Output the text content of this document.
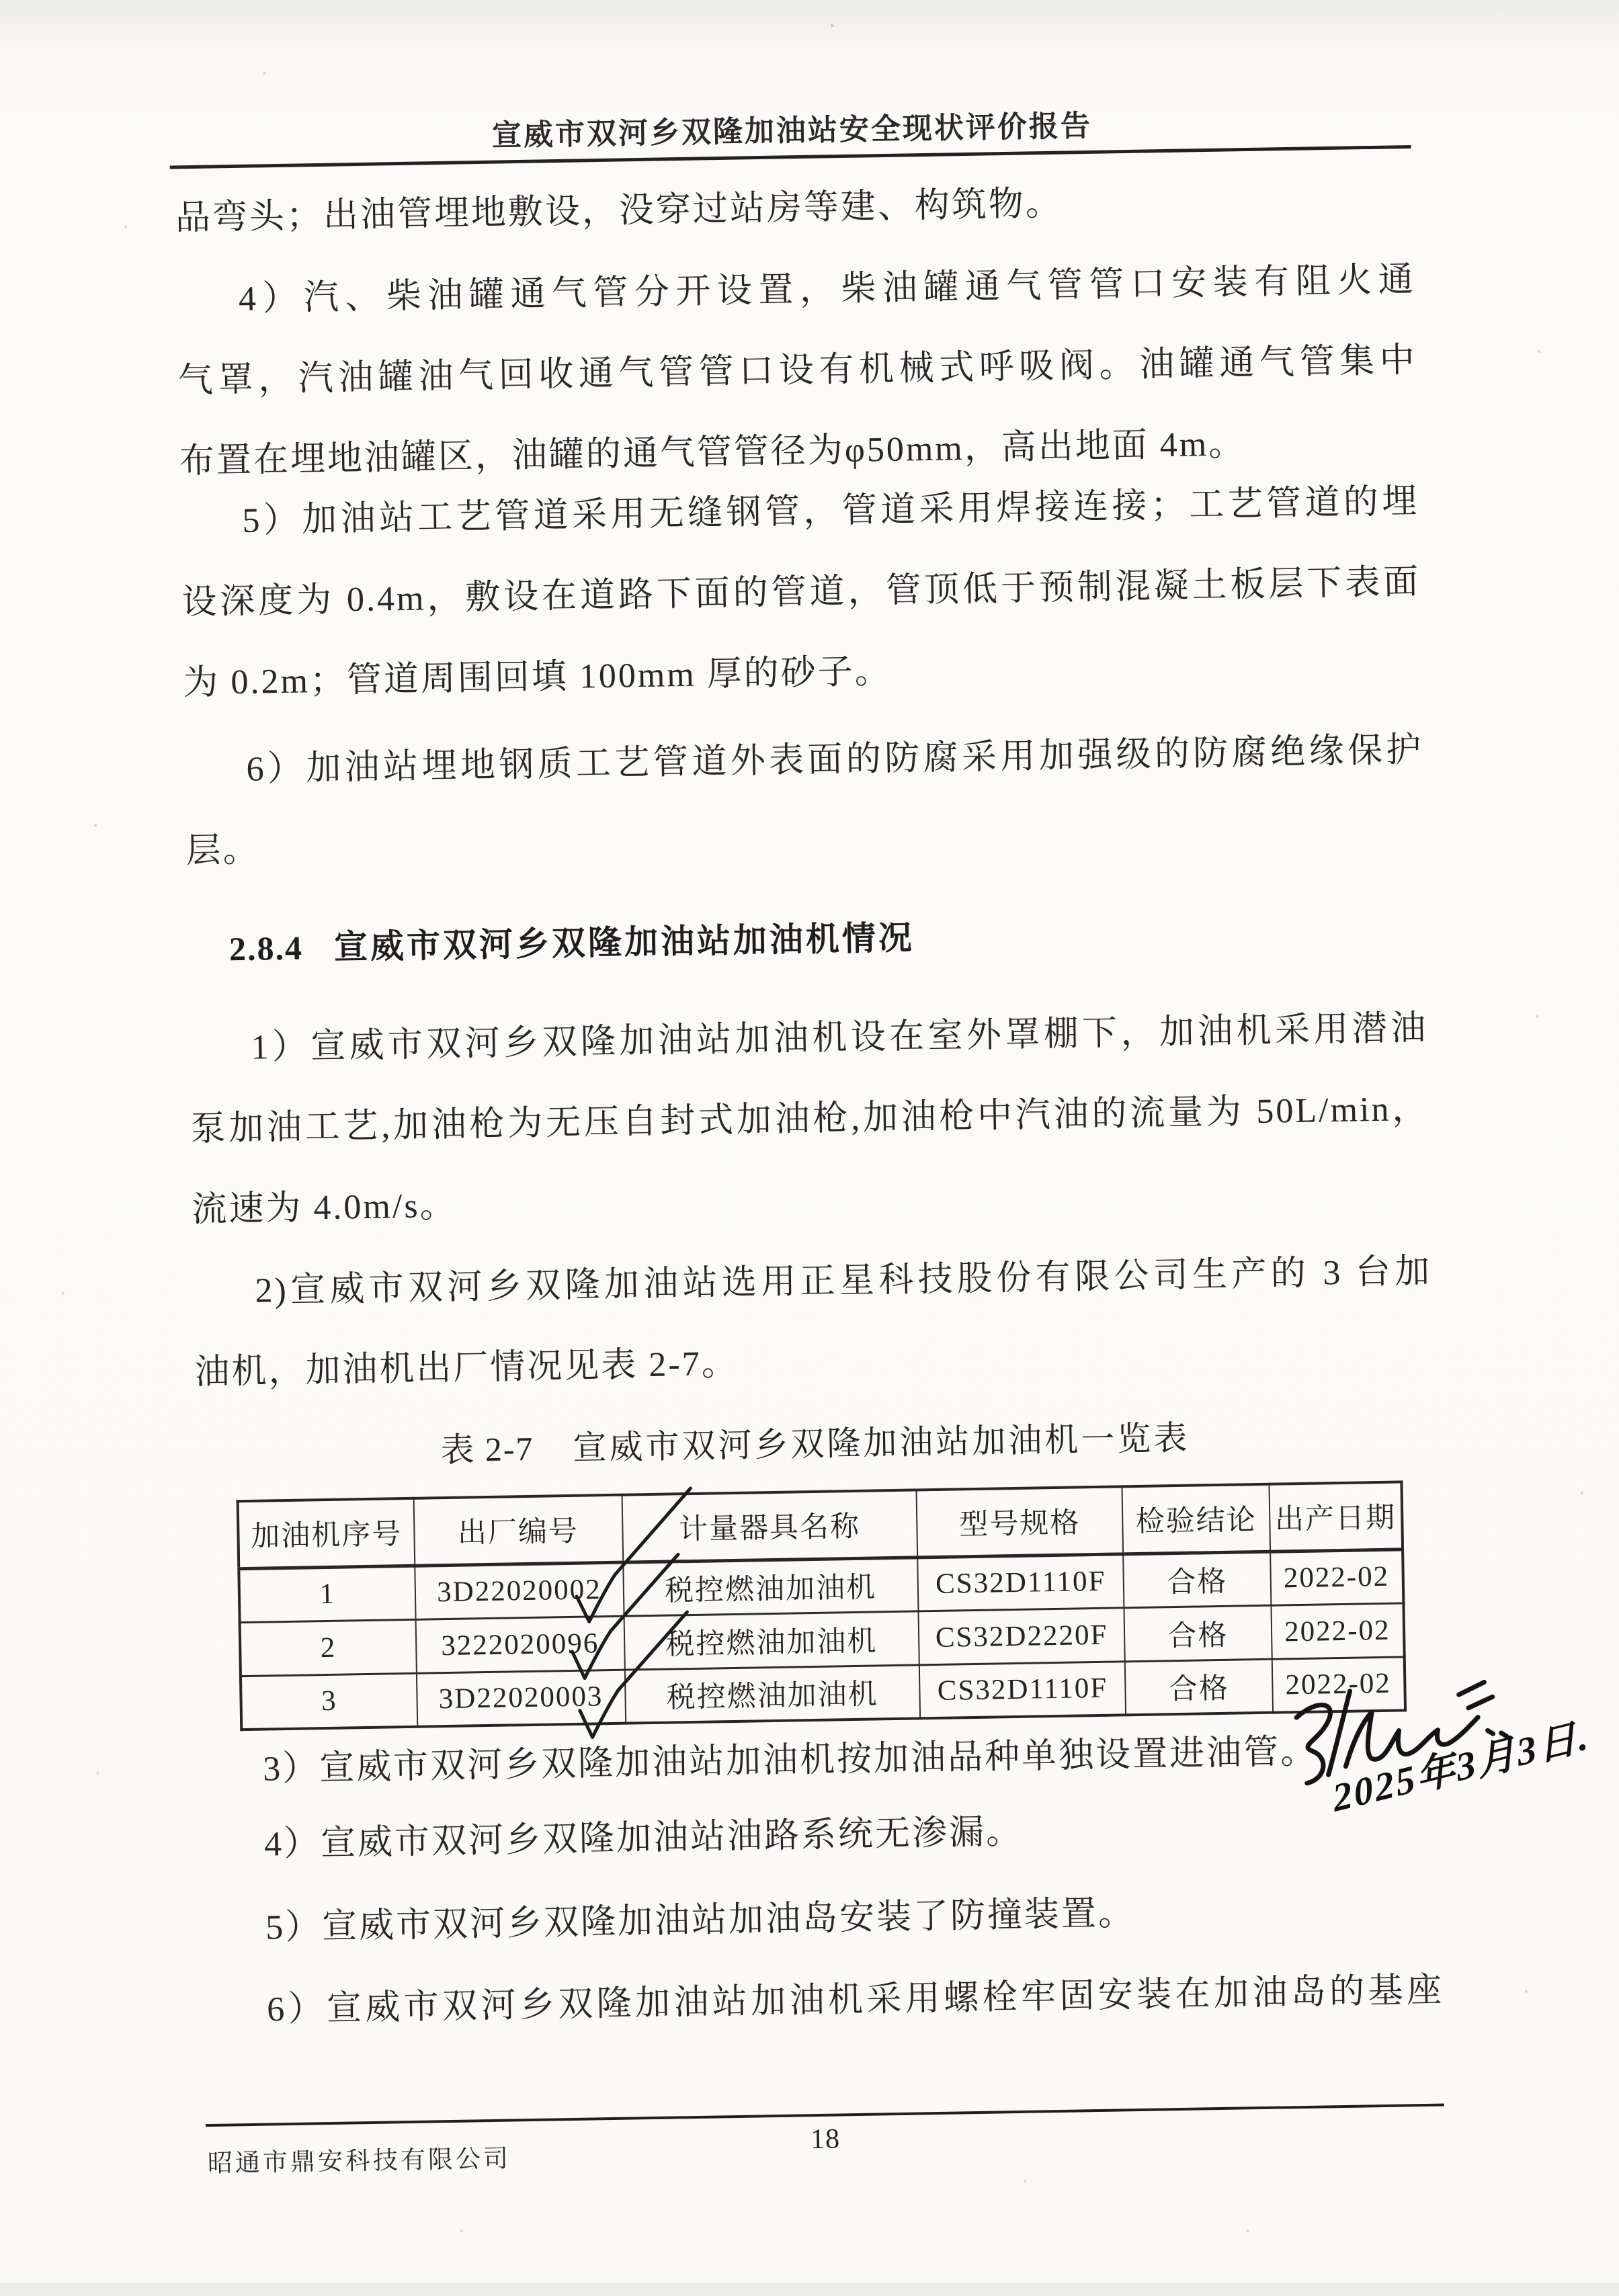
宣威市双河乡双隆加油站安全现状评价报告
品弯头；出油管埋地敷设，没穿过站房等建、构筑物。
4）汽、柴油罐通气管分开设置，柴油罐通气管管口安装有阻火通
气罩，汽油罐油气回收通气管管口设有机械式呼吸阀。油罐通气管集中
布置在埋地油罐区，油罐的通气管管径为φ50mm，高出地面 4m。
5）加油站工艺管道采用无缝钢管，管道采用焊接连接；工艺管道的埋
设深度为 0.4m，敷设在道路下面的管道，管顶低于预制混凝土板层下表面
为 0.2m；管道周围回填 100mm 厚的砂子。
6）加油站埋地钢质工艺管道外表面的防腐采用加强级的防腐绝缘保护
层。
2.8.4 宣威市双河乡双隆加油站加油机情况
1）宣威市双河乡双隆加油站加油机设在室外罩棚下，加油机采用潜油
泵加油工艺,加油枪为无压自封式加油枪,加油枪中汽油的流量为 50L/min，
流速为 4.0m/s。
2)宣威市双河乡双隆加油站选用正星科技股份有限公司生产的 3 台加
油机，加油机出厂情况见表 2-7。
表 2-7 宣威市双河乡双隆加油站加油机一览表
加油机序号	出厂编号	计量器具名称	型号规格	检验结论	出产日期
1	3D22020002	税控燃油加油机	CS32D1110F	合格	2022-02
2	3222020096	税控燃油加油机	CS32D2220F	合格	2022-02
3	3D22020003	税控燃油加油机	CS32D1110F	合格	2022-02
3）宣威市双河乡双隆加油站加油机按加油品种单独设置进油管。
4）宣威市双河乡双隆加油站油路系统无渗漏。
5）宣威市双河乡双隆加油站加油岛安装了防撞装置。
6）宣威市双河乡双隆加油站加油机采用螺栓牢固安装在加油岛的基座
2025年3月3日.
18
昭通市鼎安科技有限公司
